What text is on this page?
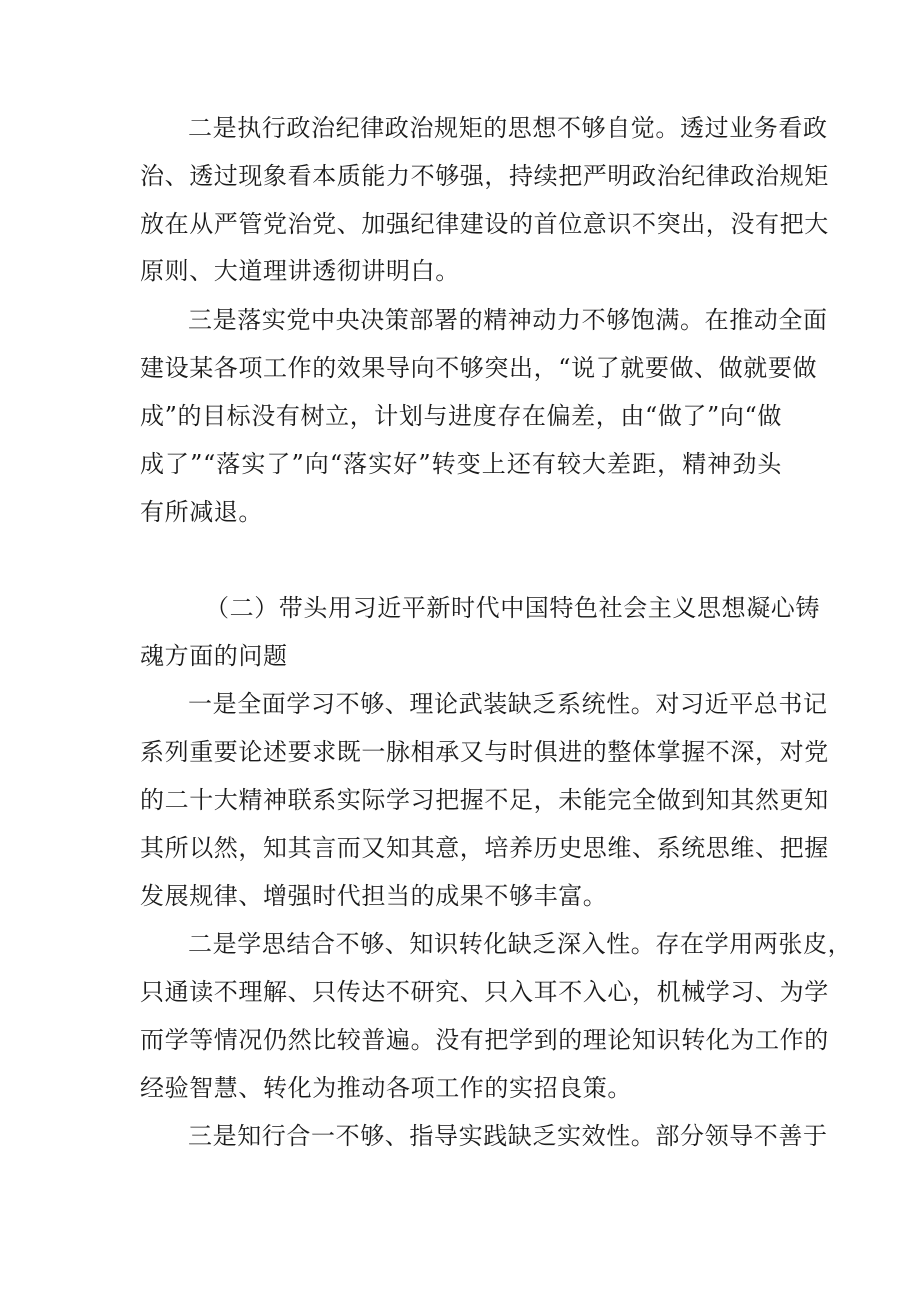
二是执行政治纪律政治规矩的思想不够自觉。透过业务看政
治、透过现象看本质能力不够强，持续把严明政治纪律政治规矩
放在从严管党治党、加强纪律建设的首位意识不突出，没有把大
原则、大道理讲透彻讲明白。
三是落实党中央决策部署的精神动力不够饱满。在推动全面
建设某各项工作的效果导向不够突出，“说了就要做、做就要做
成”的目标没有树立，计划与进度存在偏差，由“做了”向“做
成了”“落实了”向“落实好”转变上还有较大差距，精神劲头
有所减退。
（二）带头用习近平新时代中国特色社会主义思想凝心铸
魂方面的问题
一是全面学习不够、理论武装缺乏系统性。对习近平总书记
系列重要论述要求既一脉相承又与时俱进的整体掌握不深，对党
的二十大精神联系实际学习把握不足，未能完全做到知其然更知
其所以然，知其言而又知其意，培养历史思维、系统思维、把握
发展规律、增强时代担当的成果不够丰富。
二是学思结合不够、知识转化缺乏深入性。存在学用两张皮，
只通读不理解、只传达不研究、只入耳不入心，机械学习、为学
而学等情况仍然比较普遍。没有把学到的理论知识转化为工作的
经验智慧、转化为推动各项工作的实招良策。
三是知行合一不够、指导实践缺乏实效性。部分领导不善于
